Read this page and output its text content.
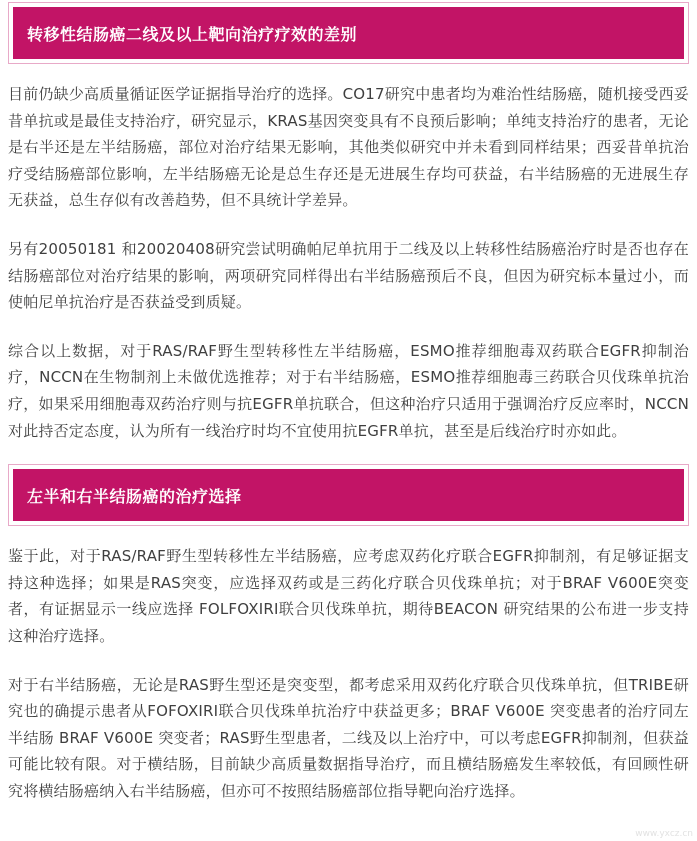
转移性结肠癌二线及以上靶向治疗疗效的差别

目前仍缺少高质量循证医学证据指导治疗的选择。CO17研究中患者均为难治性结肠癌，随机接受西妥昔单抗或是最佳支持治疗，研究显示，KRAS基因突变具有不良预后影响；单纯支持治疗的患者，无论是右半还是左半结肠癌，部位对治疗结果无影响，其他类似研究中并未看到同样结果；西妥昔单抗治疗受结肠癌部位影响，左半结肠癌无论是总生存还是无进展生存均可获益，右半结肠癌的无进展生存无获益，总生存似有改善趋势，但不具统计学差异。

另有20050181 和20020408研究尝试明确帕尼单抗用于二线及以上转移性结肠癌治疗时是否也存在结肠癌部位对治疗结果的影响，两项研究同样得出右半结肠癌预后不良，但因为研究标本量过小，而使帕尼单抗治疗是否获益受到质疑。

综合以上数据，对于RAS/RAF野生型转移性左半结肠癌，ESMO推荐细胞毒双药联合EGFR抑制治疗，NCCN在生物制剂上未做优选推荐；对于右半结肠癌，ESMO推荐细胞毒三药联合贝伐珠单抗治疗，如果采用细胞毒双药治疗则与抗EGFR单抗联合，但这种治疗只适用于强调治疗反应率时，NCCN对此持否定态度，认为所有一线治疗时均不宜使用抗EGFR单抗，甚至是后线治疗时亦如此。

左半和右半结肠癌的治疗选择

鉴于此，对于RAS/RAF野生型转移性左半结肠癌，应考虑双药化疗联合EGFR抑制剂，有足够证据支持这种选择；如果是RAS突变，应选择双药或是三药化疗联合贝伐珠单抗；对于BRAF V600E突变者，有证据显示一线应选择 FOLFOXIRI联合贝伐珠单抗，期待BEACON 研究结果的公布进一步支持这种治疗选择。

对于右半结肠癌，无论是RAS野生型还是突变型，都考虑采用双药化疗联合贝伐珠单抗，但TRIBE研究也的确提示患者从FOFOXIRI联合贝伐珠单抗治疗中获益更多；BRAF V600E 突变患者的治疗同左半结肠 BRAF V600E 突变者；RAS野生型患者，二线及以上治疗中，可以考虑EGFR抑制剂，但获益可能比较有限。对于横结肠，目前缺少高质量数据指导治疗，而且横结肠癌发生率较低，有回顾性研究将横结肠癌纳入右半结肠癌，但亦可不按照结肠癌部位指导靶向治疗选择。

www.yxcz.cn
